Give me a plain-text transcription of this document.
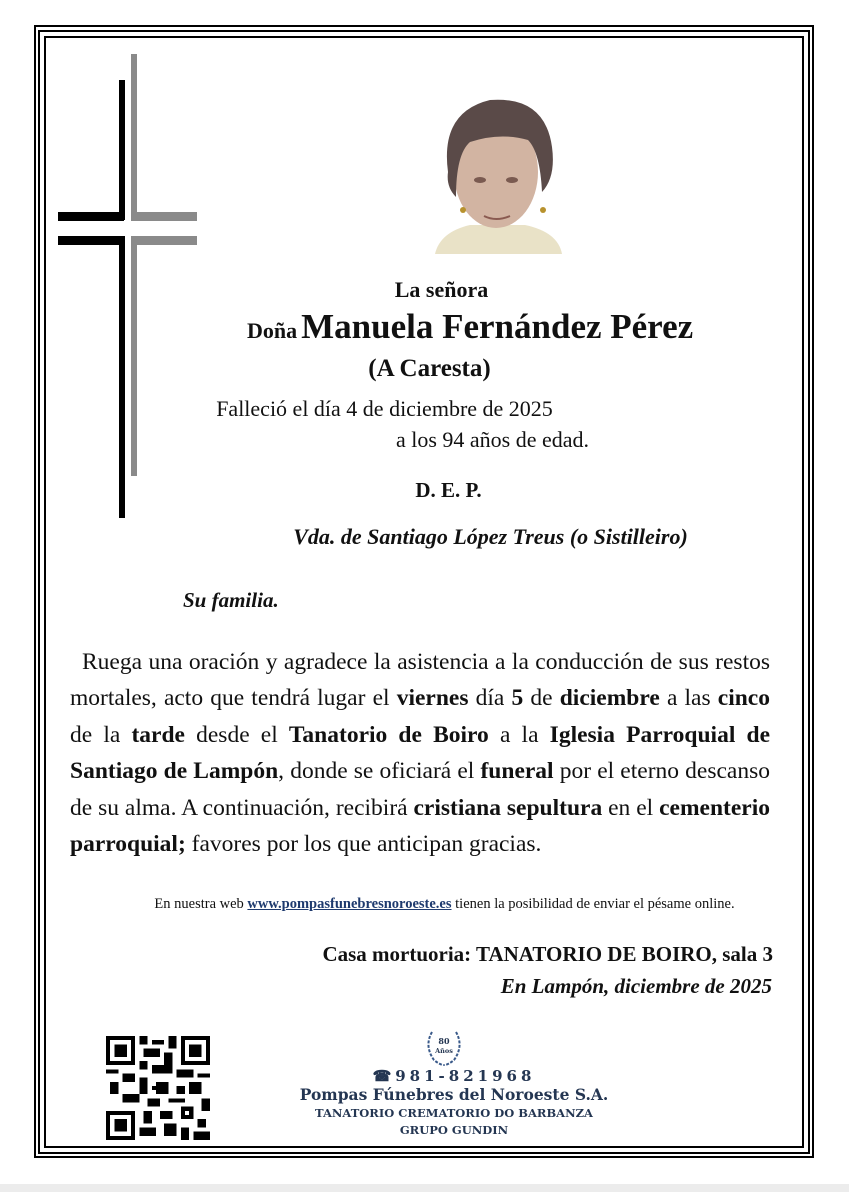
La señora
Doña Manuela Fernández Pérez
(A Caresta)
Falleció el día 4 de diciembre de 2025
a los 94 años de edad.
D. E. P.
Vda. de Santiago López Treus (o Sistilleiro)
Su familia.
Ruega una oración y agradece la asistencia a la conducción de sus restos mortales, acto que tendrá lugar el viernes día 5 de diciembre a las cinco de la tarde desde el Tanatorio de Boiro a la Iglesia Parroquial de Santiago de Lampón, donde se oficiará el funeral por el eterno descanso de su alma. A continuación, recibirá cristiana sepultura en el cementerio parroquial; favores por los que anticipan gracias.
En nuestra web www.pompasfunebresnoroeste.es tienen la posibilidad de enviar el pésame online.
Casa mortuoria: TANATORIO DE BOIRO, sala 3
En Lampón, diciembre de 2025
80
Años
☎981-821968
Pompas Fúnebres del Noroeste S.A.
TANATORIO CREMATORIO DO BARBANZA
GRUPO GUNDIN
